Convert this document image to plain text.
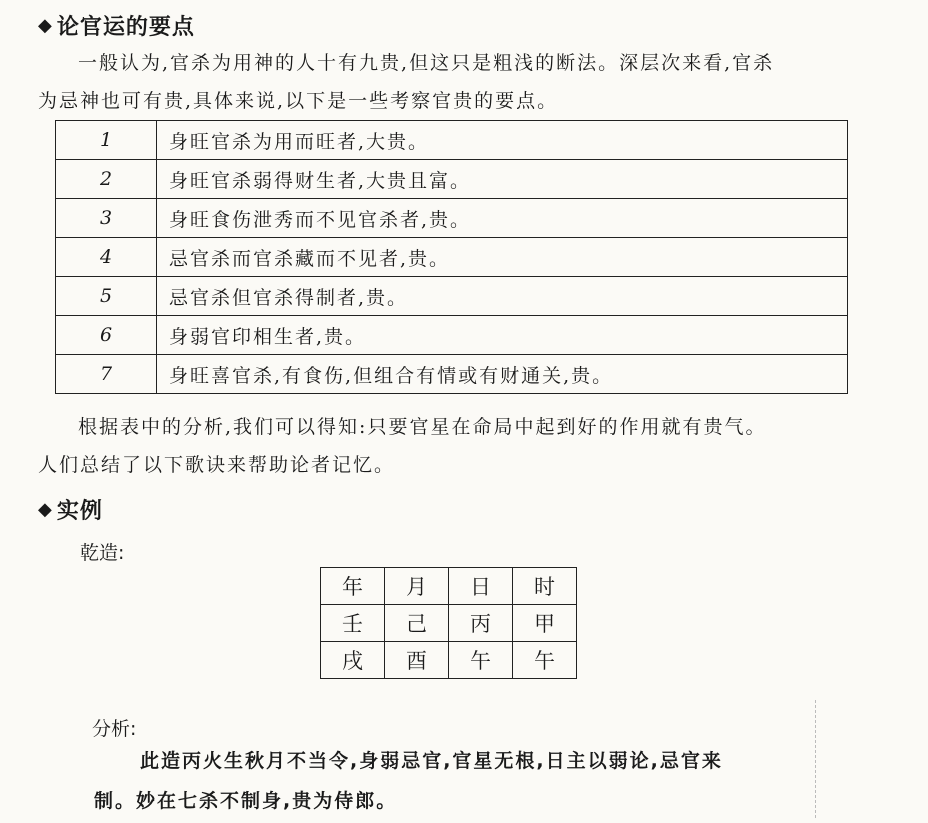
◆ 论官运的要点
一般认为,官杀为用神的人十有九贵,但这只是粗浅的断法。深层次来看,官杀
为忌神也可有贵,具体来说,以下是一些考察官贵的要点。
1	身旺官杀为用而旺者,大贵。
2	身旺官杀弱得财生者,大贵且富。
3	身旺食伤泄秀而不见官杀者,贵。
4	忌官杀而官杀藏而不见者,贵。
5	忌官杀但官杀得制者,贵。
6	身弱官印相生者,贵。
7	身旺喜官杀,有食伤,但组合有情或有财通关,贵。
根据表中的分析,我们可以得知:只要官星在命局中起到好的作用就有贵气。
人们总结了以下歌诀来帮助论者记忆。
◆ 实例
乾造:
年	月	日	时
壬	己	丙	甲
戌	酉	午	午
分析:
此造丙火生秋月不当令,身弱忌官,官星无根,日主以弱论,忌官来
制。妙在七杀不制身,贵为侍郎。
